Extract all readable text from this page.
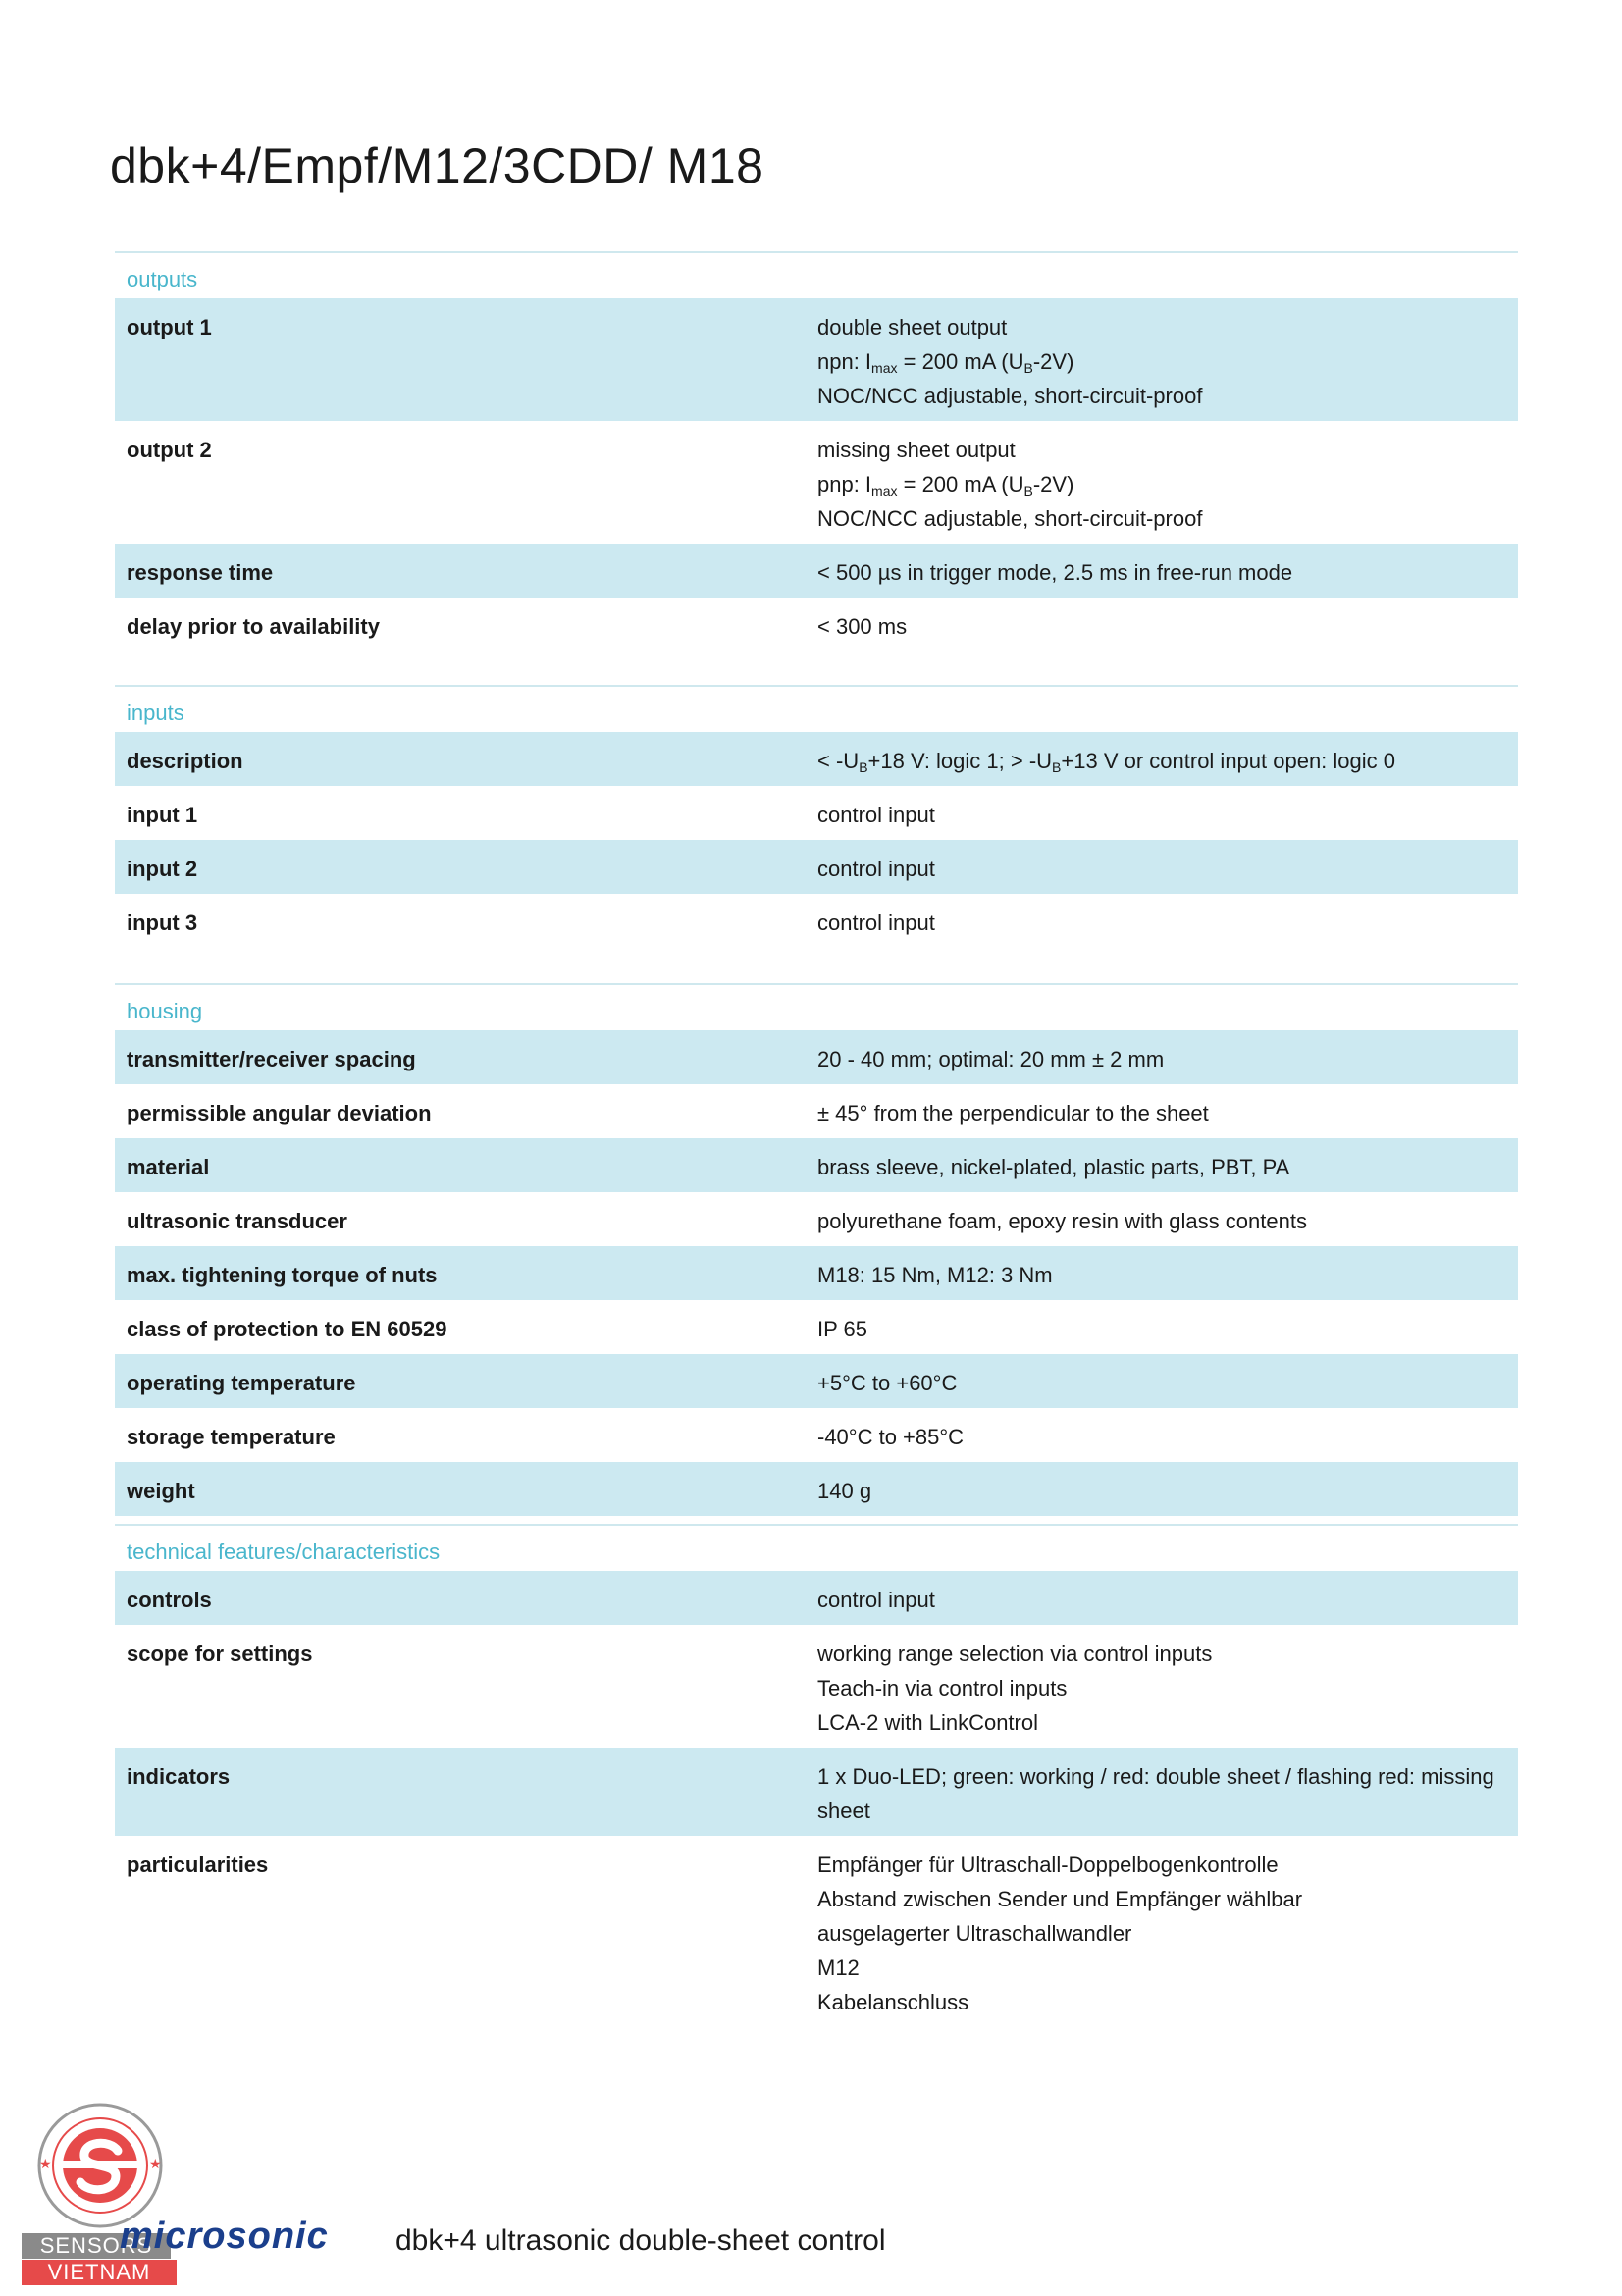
dbk+4/Empf/M12/3CDD/ M18
outputs
output 1	double sheet output
npn: $I_{max} = 200$ mA $(U_B-2V)$
NOC/NCC adjustable, short-circuit-proof
output 2	missing sheet output
pnp: $I_{max} = 200$ mA $(U_B-2V)$
NOC/NCC adjustable, short-circuit-proof
response time	< 500 µs in trigger mode, 2.5 ms in free-run mode
delay prior to availability	< 300 ms
inputs
description	< $-U_B+18$ V: logic 1; > $-U_B+13$ V or control input open: logic 0
input 1	control input
input 2	control input
input 3	control input
housing
transmitter/receiver spacing	20 - 40 mm; optimal: 20 mm ± 2 mm
permissible angular deviation	± 45° from the perpendicular to the sheet
material	brass sleeve, nickel-plated, plastic parts, PBT, PA
ultrasonic transducer	polyurethane foam, epoxy resin with glass contents
max. tightening torque of nuts	M18: 15 Nm, M12: 3 Nm
class of protection to EN 60529	IP 65
operating temperature	+5°C to +60°C
storage temperature	-40°C to +85°C
weight	140 g
technical features/characteristics
controls	control input
scope for settings	working range selection via control inputs
Teach-in via control inputs
LCA-2 with LinkControl
indicators	1 x Duo-LED; green: working / red: double sheet / flashing red: missing sheet
particularities	Empfänger für Ultraschall-Doppelbogenkontrolle
Abstand zwischen Sender und Empfänger wählbar
ausgelagerter Ultraschallwandler
M12
Kabelanschluss
★	★
SENSORS
VIETNAM
microsonic dbk+4 ultrasonic double-sheet control
